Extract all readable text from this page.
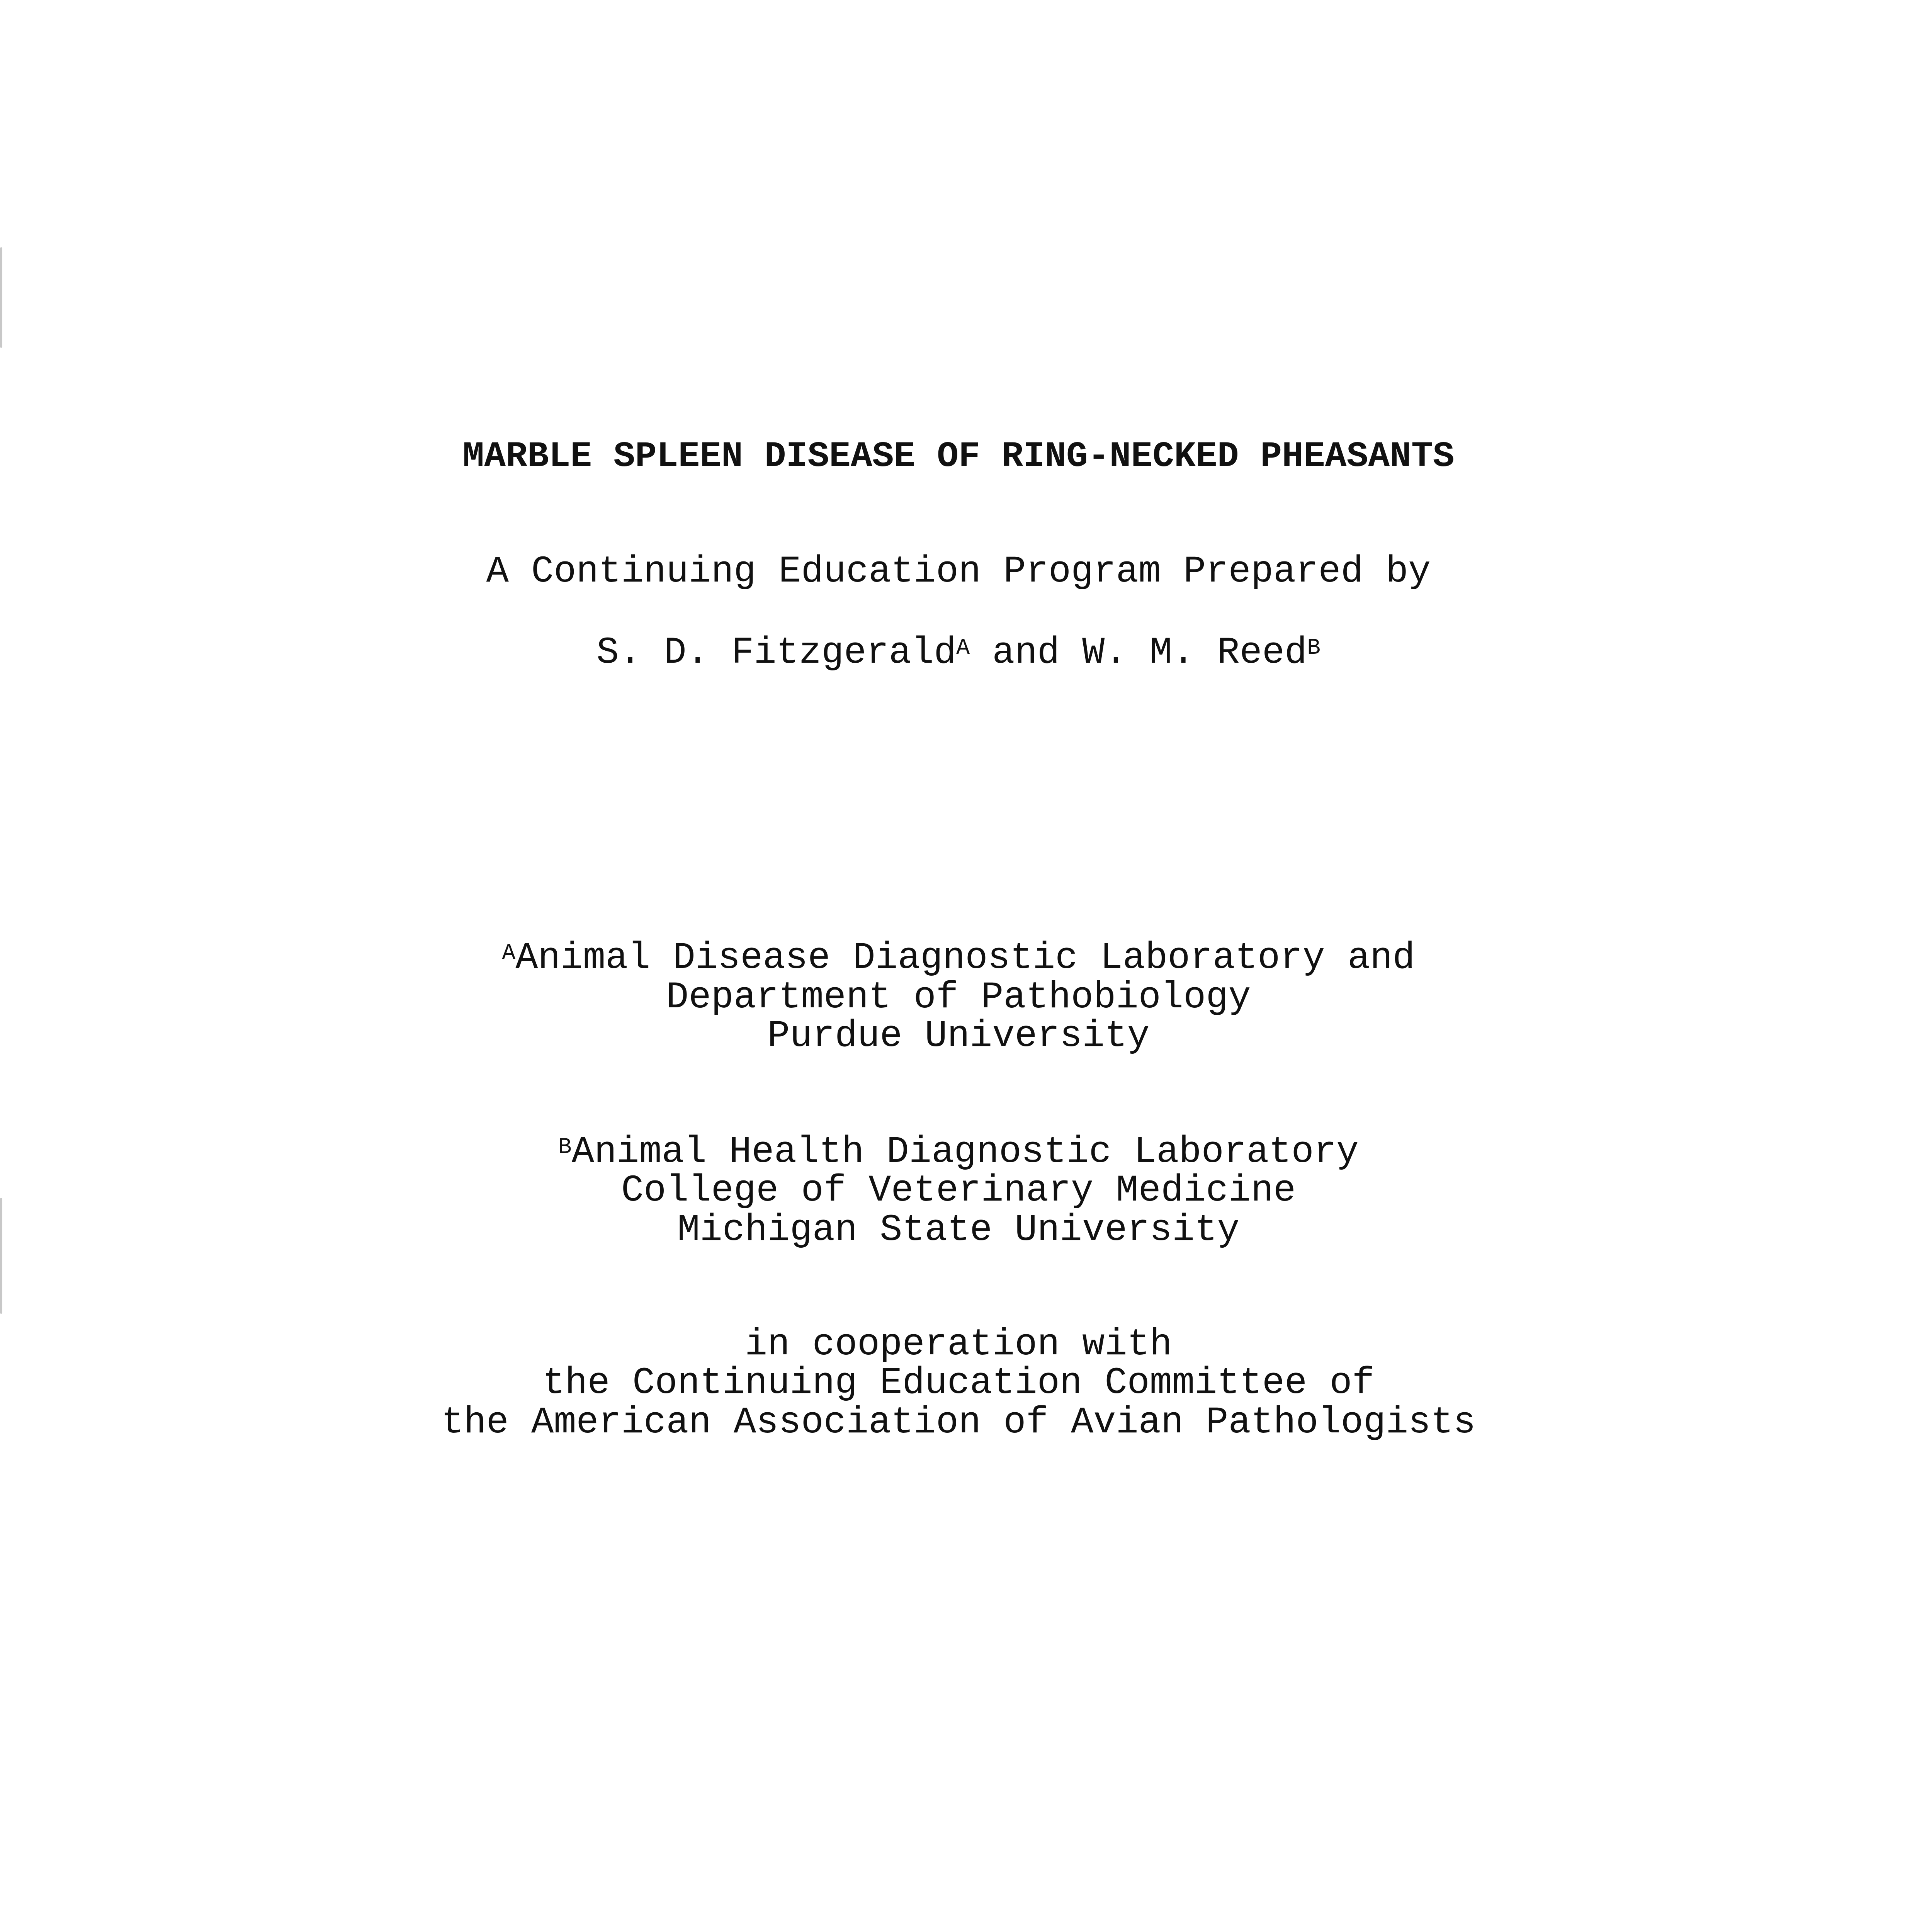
MARBLE SPLEEN DISEASE OF RING-NECKED PHEASANTS
A Continuing Education Program Prepared by
S. D. Fitzgerald$^A$ and W. M. Reed$^B$
$^A$Animal Disease Diagnostic Laboratory and
Department of Pathobiology
Purdue University
$^B$Animal Health Diagnostic Laboratory
College of Veterinary Medicine
Michigan State University
in cooperation with
the Continuing Education Committee of
the American Association of Avian Pathologists
